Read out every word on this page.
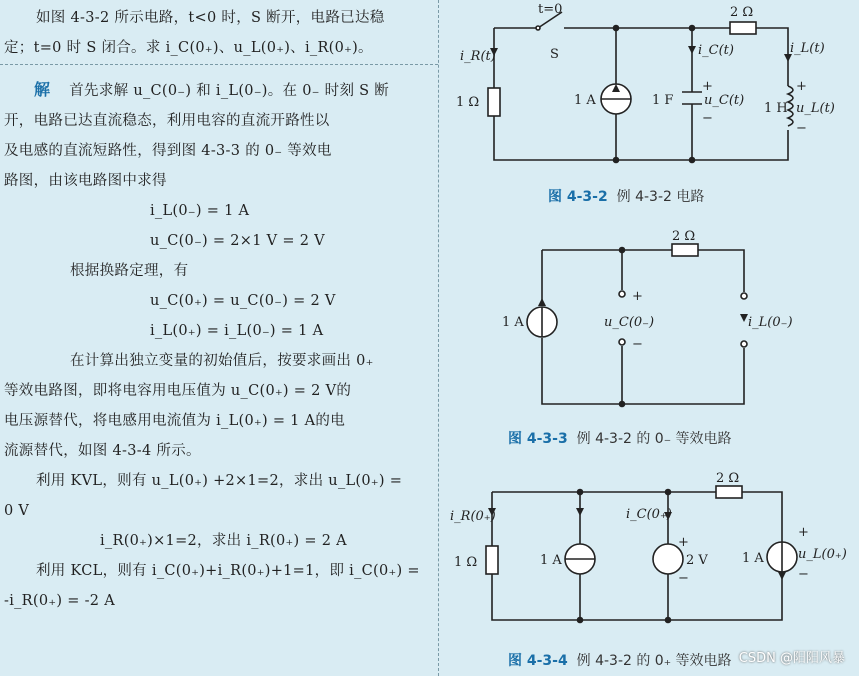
如图 4-3-2 所示电路，t<0 时，S 断开，电路已达稳
定；t=0 时 S 闭合。求 i_C(0₊)、u_L(0₊)、i_R(0₊)。
解 首先求解 u_C(0₋) 和 i_L(0₋)。在 0₋ 时刻 S 断
开，电路已达直流稳态，利用电容的直流开路性以
及电感的直流短路性，得到图 4-3-3 的 0₋ 等效电
路图，由该电路图中求得
i_L(0₋) = 1 A
u_C(0₋) = 2×1 V = 2 V
根据换路定理，有
u_C(0₊) = u_C(0₋) = 2 V
i_L(0₊) = i_L(0₋) = 1 A
在计算出独立变量的初始值后，按要求画出 0₊
等效电路图，即将电容用电压值为 u_C(0₊) = 2 V的
电压源替代，将电感用电流值为 i_L(0₊) = 1 A的电
流源替代，如图 4-3-4 所示。
利用 KVL，则有 u_L(0₊) +2×1=2，求出 u_L(0₊) =
0 V
i_R(0₊)×1=2，求出 i_R(0₊) = 2 A
利用 KCL，则有 i_C(0₊)+i_R(0₊)+1=1，即 i_C(0₊) =
-i_R(0₊) = -2 A
t=0
S
2 Ω
i_R(t)
1 Ω	1 A	1 F
i_C(t)
+
u_C(t)
−
1 H
i_L(t)
+
u_L(t)
−
图 4-3-2 例 4-3-2 电路
2 Ω
1 A
+
u_C(0₋)
−
i_L(0₋)
图 4-3-3 例 4-3-2 的 0₋ 等效电路
2 Ω
i_R(0₊)
1 Ω	1 A
i_C(0₊)
+
2 V
−
1 A
+
u_L(0₊)
−
图 4-3-4 例 4-3-2 的 0₊ 等效电路 CSDN @阳阳风暴
